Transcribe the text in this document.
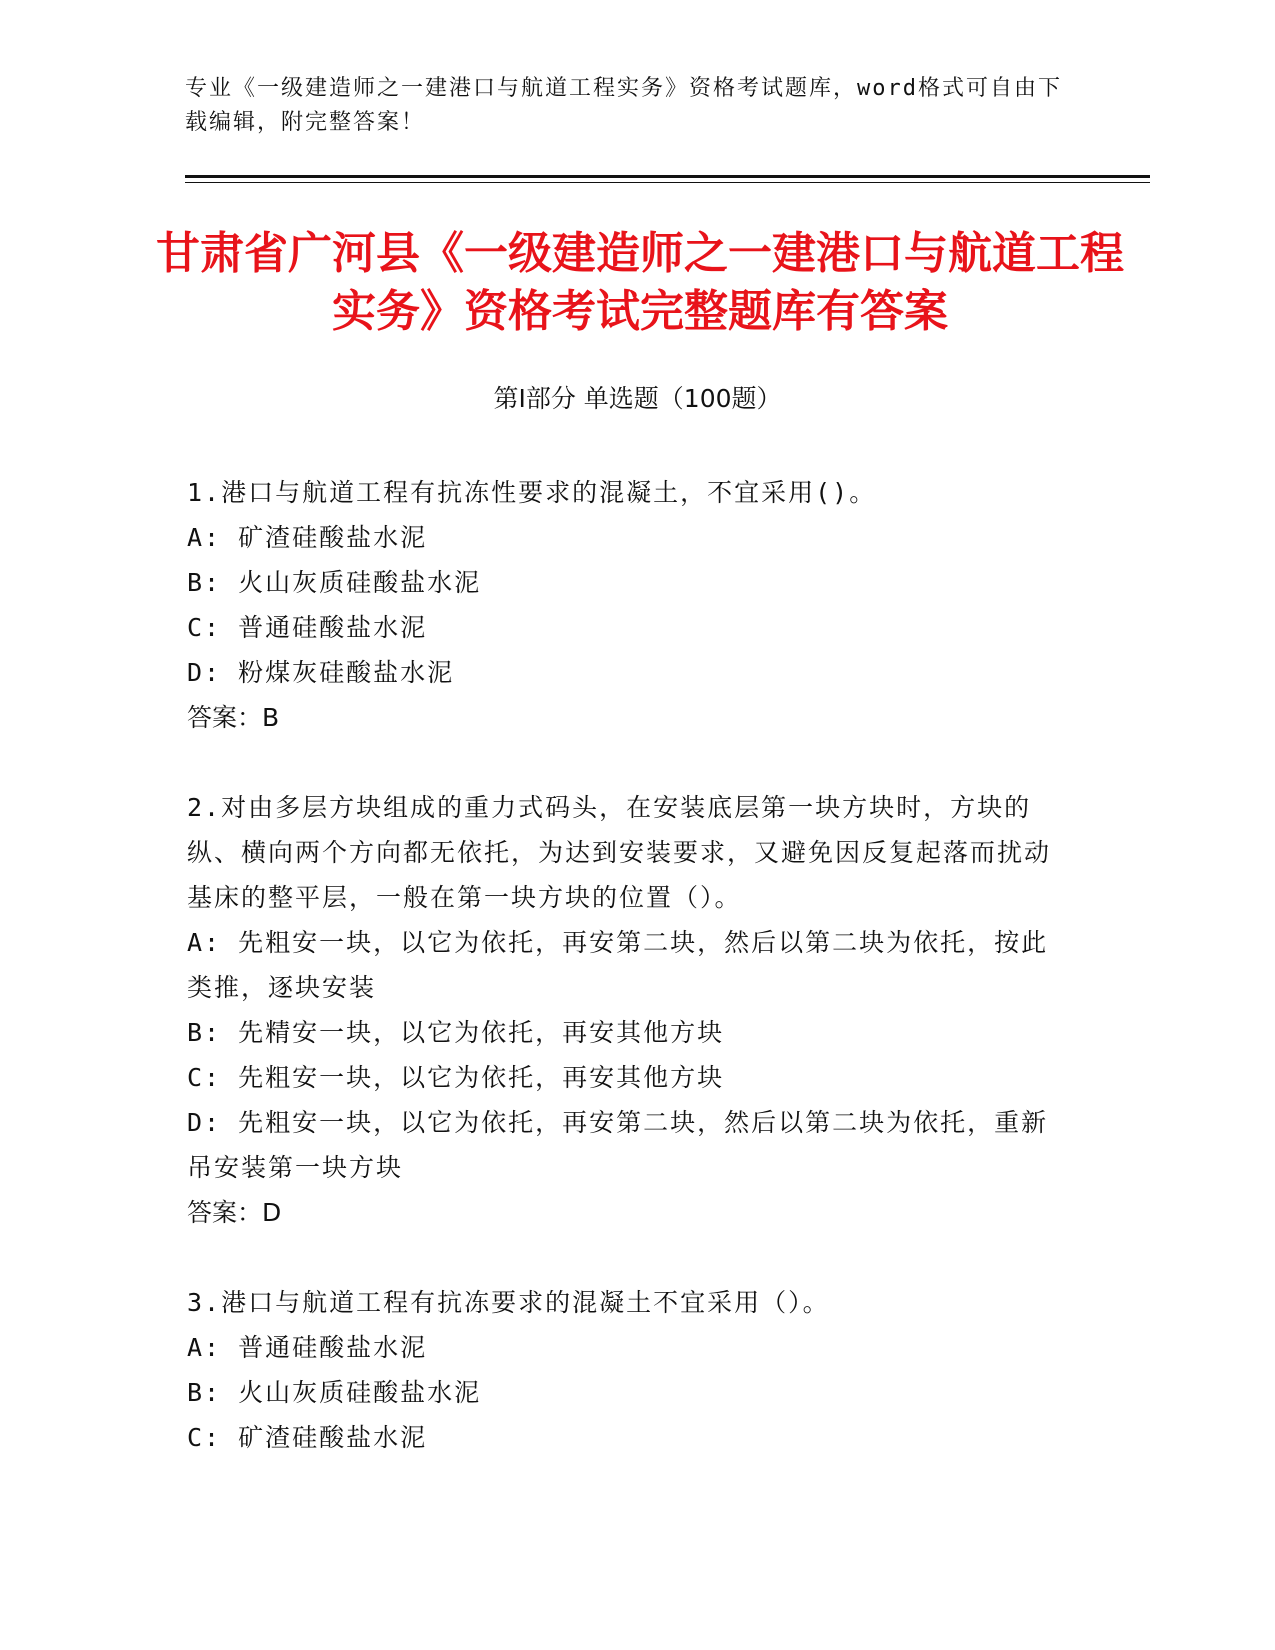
专业《一级建造师之一建港口与航道工程实务》资格考试题库，word格式可自由下载编辑，附完整答案！
甘肃省广河县《一级建造师之一建港口与航道工程实务》资格考试完整题库有答案
第Ⅰ部分 单选题（100题）

1.港口与航道工程有抗冻性要求的混凝土，不宜采用()。

A: 矿渣硅酸盐水泥

B: 火山灰质硅酸盐水泥

C: 普通硅酸盐水泥

D: 粉煤灰硅酸盐水泥

答案：B

2.对由多层方块组成的重力式码头，在安装底层第一块方块时，方块的纵、横向两个方向都无依托，为达到安装要求，又避免因反复起落而扰动基床的整平层，一般在第一块方块的位置（）。

A: 先粗安一块，以它为依托，再安第二块，然后以第二块为依托，按此类推，逐块安装

B: 先精安一块，以它为依托，再安其他方块

C: 先粗安一块，以它为依托，再安其他方块

D: 先粗安一块，以它为依托，再安第二块，然后以第二块为依托，重新吊安装第一块方块

答案：D

3.港口与航道工程有抗冻要求的混凝土不宜采用（）。

A: 普通硅酸盐水泥

B: 火山灰质硅酸盐水泥

C: 矿渣硅酸盐水泥
